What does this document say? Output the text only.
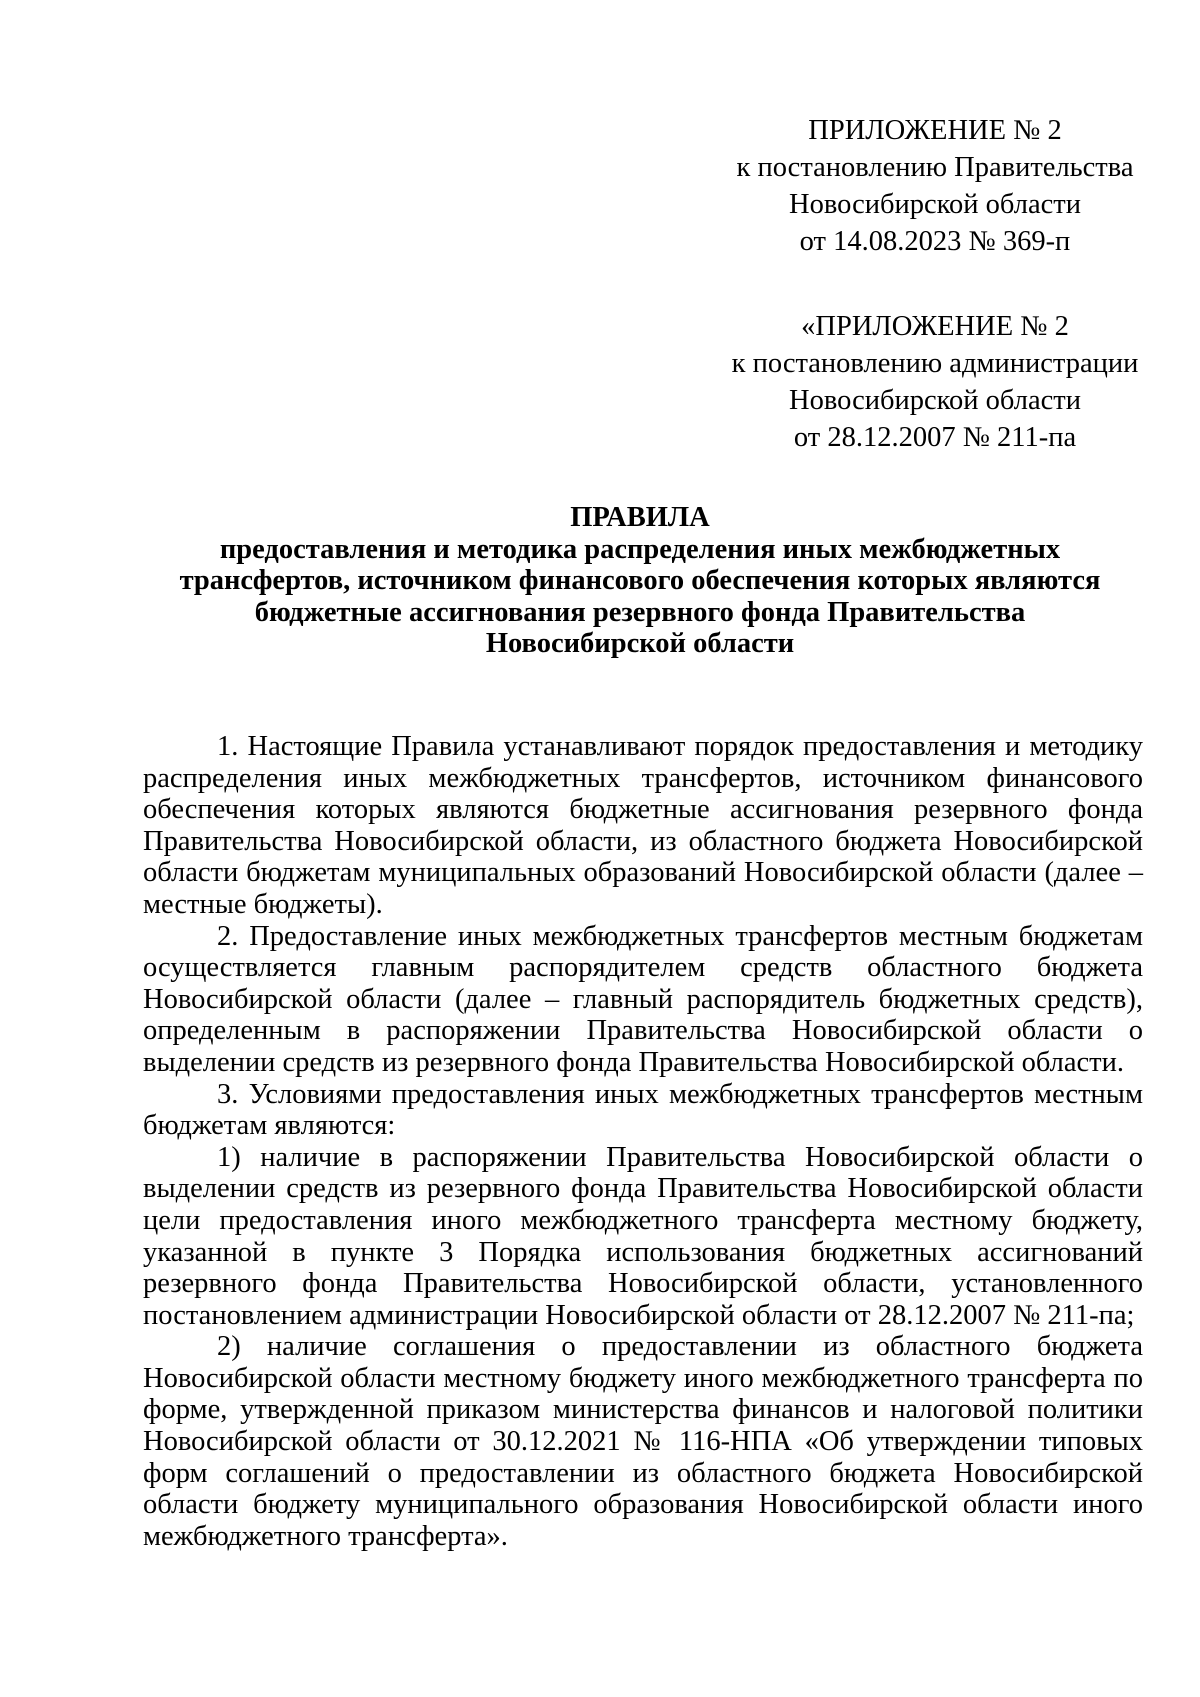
ПРИЛОЖЕНИЕ № 2
к постановлению Правительства
Новосибирской области
от 14.08.2023 № 369-п
«ПРИЛОЖЕНИЕ № 2
к постановлению администрации
Новосибирской области
от 28.12.2007 № 211-па
ПРАВИЛА
предоставления и методика распределения иных межбюджетных
трансфертов, источником финансового обеспечения которых являются
бюджетные ассигнования резервного фонда Правительства
Новосибирской области

1. Настоящие Правила устанавливают порядок предоставления и методику распределения иных межбюджетных трансфертов, источником финансового обеспечения которых являются бюджетные ассигнования резервного фонда Правительства Новосибирской области, из областного бюджета Новосибирской области бюджетам муниципальных образований Новосибирской области (далее – местные бюджеты).

2. Предоставление иных межбюджетных трансфертов местным бюджетам осуществляется главным распорядителем средств областного бюджета Новосибирской области (далее – главный распорядитель бюджетных средств), определенным в распоряжении Правительства Новосибирской области о выделении средств из резервного фонда Правительства Новосибирской области.

3. Условиями предоставления иных межбюджетных трансфертов местным бюджетам являются:

1) наличие в распоряжении Правительства Новосибирской области о выделении средств из резервного фонда Правительства Новосибирской области цели предоставления иного межбюджетного трансферта местному бюджету, указанной в пункте 3 Порядка использования бюджетных ассигнований резервного фонда Правительства Новосибирской области, установленного постановлением администрации Новосибирской области от 28.12.2007 № 211-па;

2) наличие соглашения о предоставлении из областного бюджета Новосибирской области местному бюджету иного межбюджетного трансферта по форме, утвержденной приказом министерства финансов и налоговой политики Новосибирской области от 30.12.2021 № 116-НПА «Об утверждении типовых форм соглашений о предоставлении из областного бюджета Новосибирской области бюджету муниципального образования Новосибирской области иного межбюджетного трансферта».
